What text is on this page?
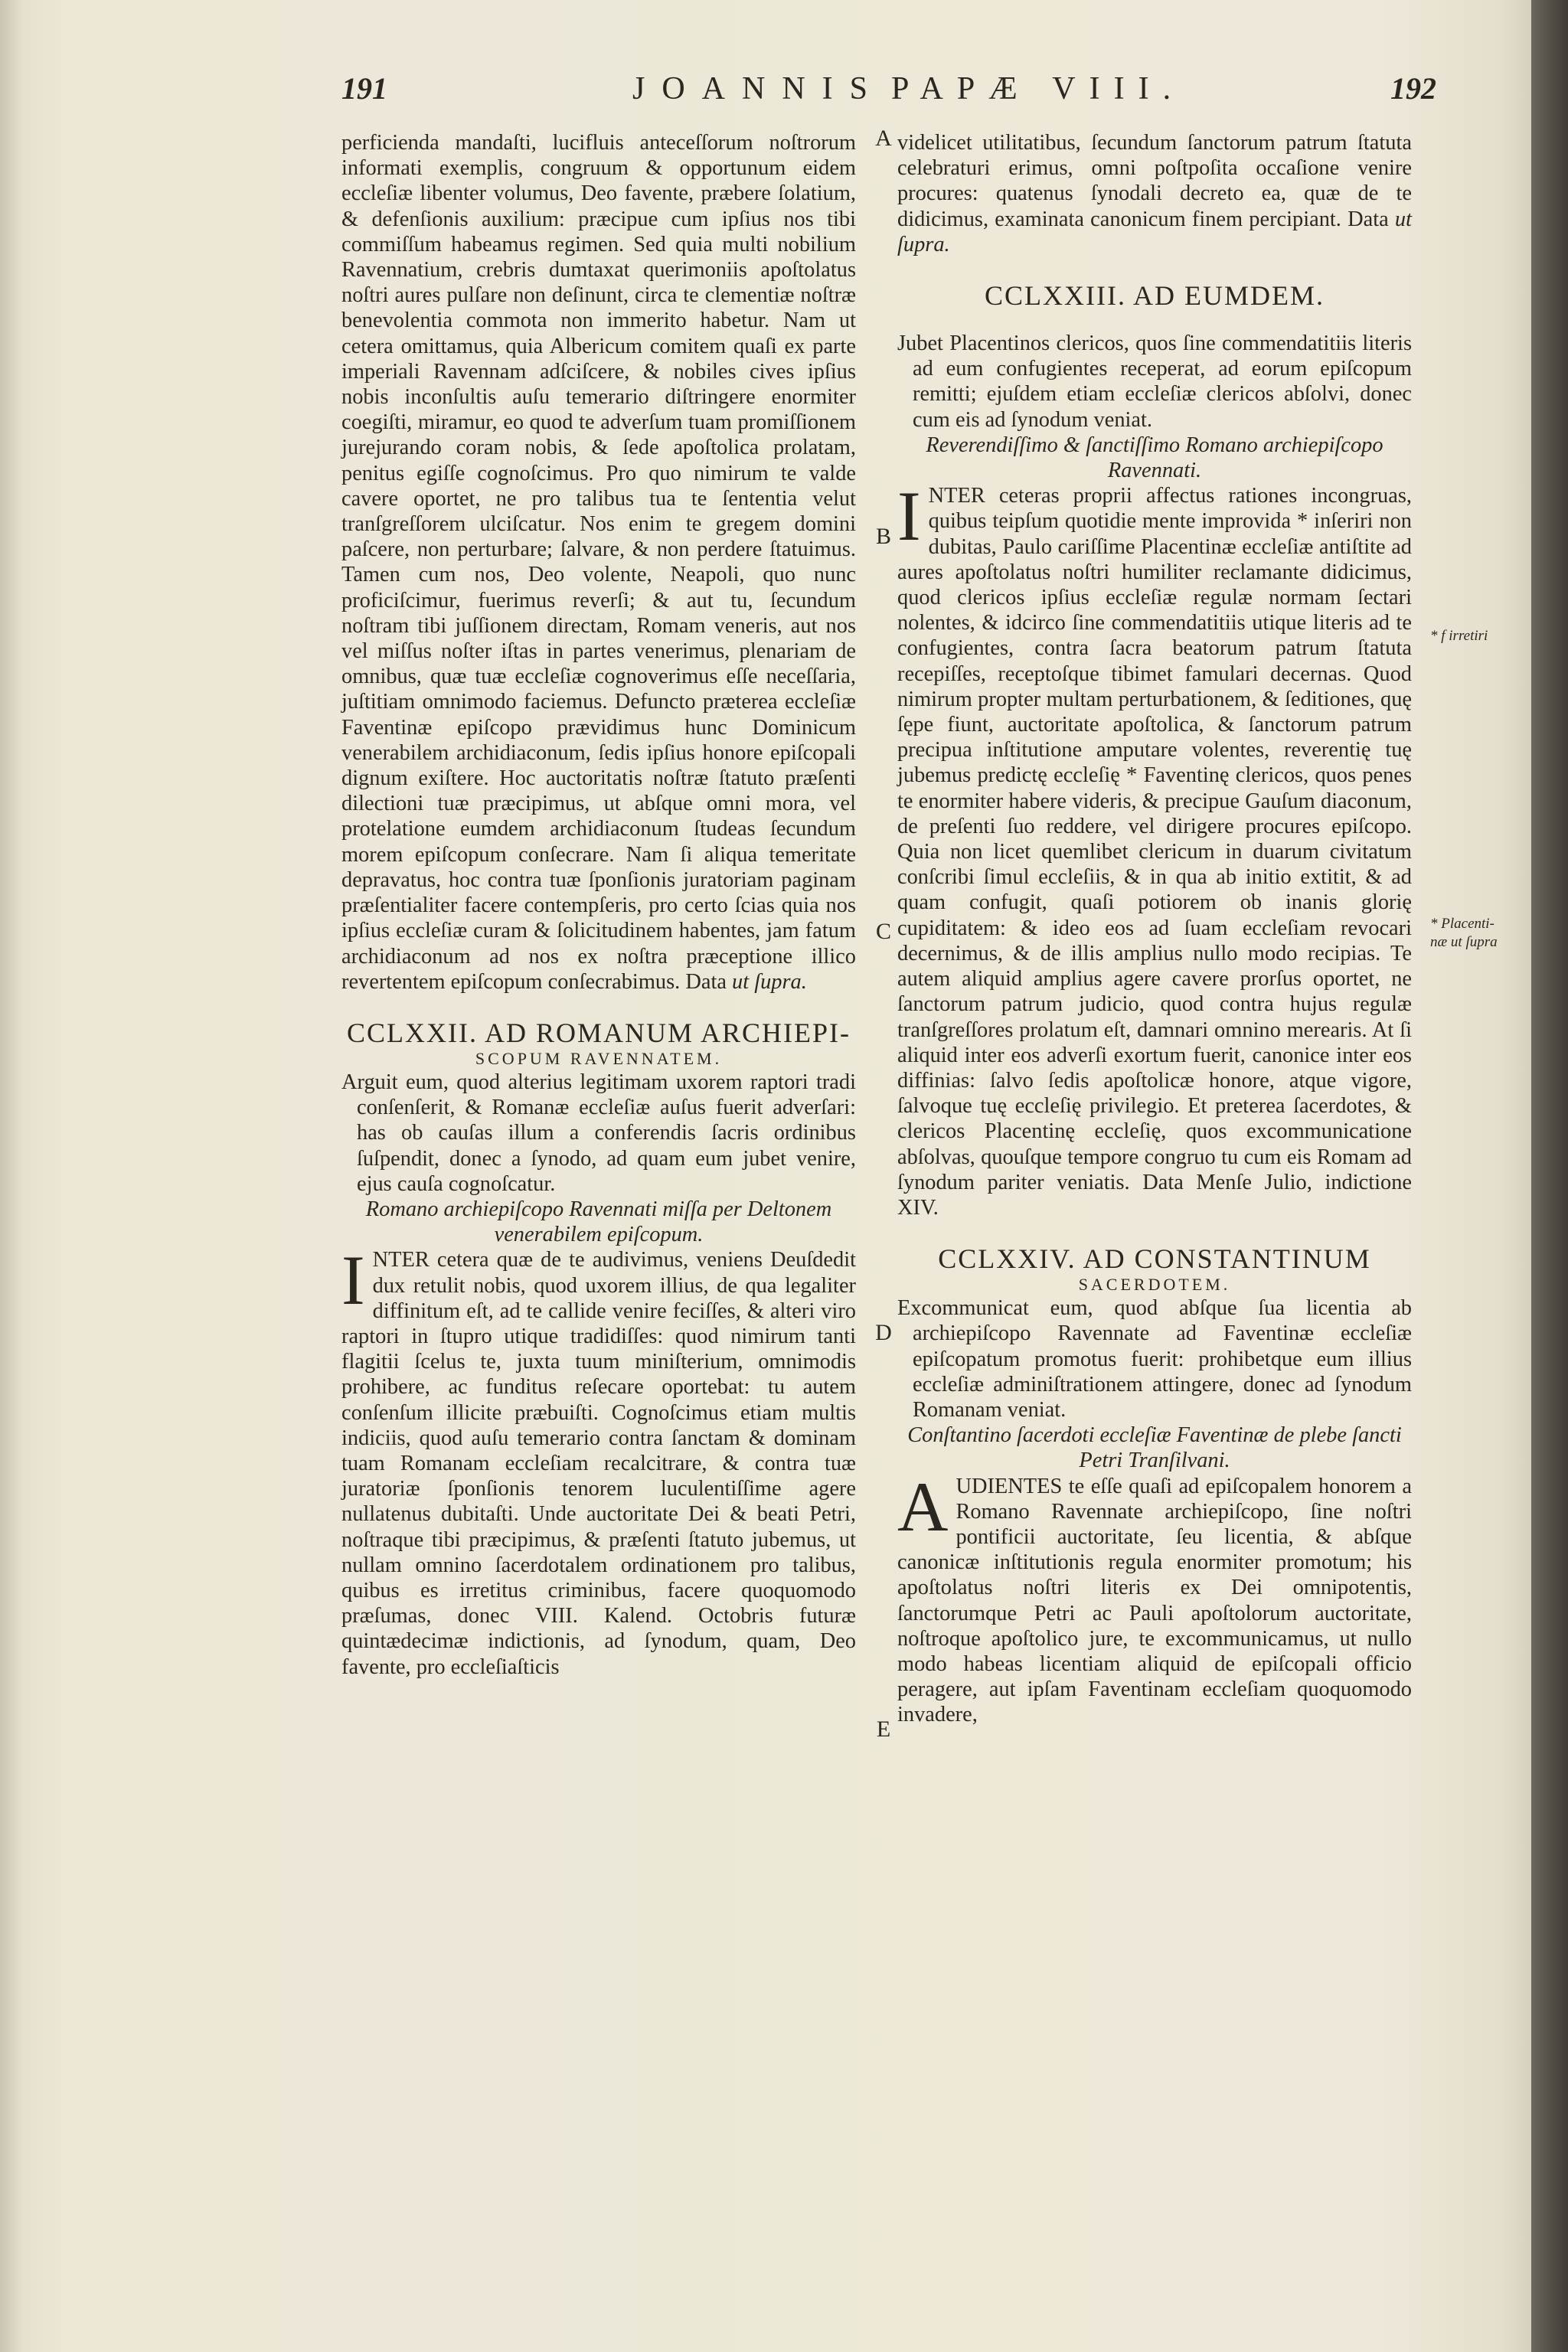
191	JOANNIS PAPÆ VIII.	192

perficienda mandaſti, lucifluis anteceſſorum noſtrorum informati exemplis, congruum & opportunum eidem eccleſiæ libenter volumus, Deo favente, præbere ſolatium, & defenſionis auxilium: præcipue cum ipſius nos tibi commiſſum habeamus regimen. Sed quia multi nobilium Ravennatium, crebris dumtaxat querimoniis apoſtolatus noſtri aures pulſare non deſinunt, circa te clementiæ noſtræ benevolentia commota non immerito habetur. Nam ut cetera omittamus, quia Albericum comitem quaſi ex parte imperiali Ravennam adſciſcere, & nobiles cives ipſius nobis inconſultis auſu temerario diſtringere enormiter coegiſti, miramur, eo quod te adverſum tuam promiſſionem jurejurando coram nobis, & ſede apoſtolica prolatam, penitus egiſſe cognoſcimus. Pro quo nimirum te valde cavere oportet, ne pro talibus tua te ſententia velut tranſgreſſorem ulciſcatur. Nos enim te gregem domini paſcere, non perturbare; ſalvare, & non perdere ſtatuimus. Tamen cum nos, Deo volente, Neapoli, quo nunc proficiſcimur, fuerimus reverſi; & aut tu, ſecundum noſtram tibi juſſionem directam, Romam veneris, aut nos vel miſſus noſter iſtas in partes venerimus, plenariam de omnibus, quæ tuæ eccleſiæ cognoverimus eſſe neceſſaria, juſtitiam omnimodo faciemus. Defuncto præterea eccleſiæ Faventinæ epiſcopo prævidimus hunc Dominicum venerabilem archidiaconum, ſedis ipſius honore epiſcopali dignum exiſtere. Hoc auctoritatis noſtræ ſtatuto præſenti dilectioni tuæ præcipimus, ut abſque omni mora, vel protelatione eumdem archidiaconum ſtudeas ſecundum morem epiſcopum conſecrare. Nam ſi aliqua temeritate depravatus, hoc contra tuæ ſponſionis juratoriam paginam præſentialiter facere contempſeris, pro certo ſcias quia nos ipſius eccleſiæ curam & ſolicitudinem habentes, jam fatum archidiaconum ad nos ex noſtra præceptione illico revertentem epiſcopum conſecrabimus. Data ut ſupra.

CCLXXII. AD ROMANUM ARCHIEPI-

SCOPUM RAVENNATEM.

Arguit eum, quod alterius legitimam uxorem raptori tradi conſenſerit, & Romanæ eccleſiæ auſus fuerit adverſari: has ob cauſas illum a conferendis ſacris ordinibus ſuſpendit, donec a ſynodo, ad quam eum jubet venire, ejus cauſa cognoſcatur.

Romano archiepiſcopo Ravennati miſſa per Deltonem venerabilem epiſcopum.

INTER cetera quæ de te audivimus, veniens Deuſdedit dux retulit nobis, quod uxorem illius, de qua legaliter diffinitum eſt, ad te callide venire feciſſes, & alteri viro raptori in ſtupro utique tradidiſſes: quod nimirum tanti flagitii ſcelus te, juxta tuum miniſterium, omnimodis prohibere, ac funditus reſecare oportebat: tu autem conſenſum illicite præbuiſti. Cognoſcimus etiam multis indiciis, quod auſu temerario contra ſanctam & dominam tuam Romanam eccleſiam recalcitrare, & contra tuæ juratoriæ ſponſionis tenorem luculentiſſime agere nullatenus dubitaſti. Unde auctoritate Dei & beati Petri, noſtraque tibi præcipimus, & præſenti ſtatuto jubemus, ut nullam omnino ſacerdotalem ordinationem pro talibus, quibus es irretitus criminibus, facere quoquomodo præſumas, donec VIII. Kalend. Octobris futuræ quintædecimæ indictionis, ad ſynodum, quam, Deo favente, pro eccleſiaſticis

videlicet utilitatibus, ſecundum ſanctorum patrum ſtatuta celebraturi erimus, omni poſtpoſita occaſione venire procures: quatenus ſynodali decreto ea, quæ de te didicimus, examinata canonicum finem percipiant. Data ut ſupra.

CCLXXIII. AD EUMDEM.

Jubet Placentinos clericos, quos ſine commendatitiis literis ad eum confugientes receperat, ad eorum epiſcopum remitti; ejuſdem etiam eccleſiæ clericos abſolvi, donec cum eis ad ſynodum veniat.

Reverendiſſimo & ſanctiſſimo Romano archiepiſcopo Ravennati.

INTER ceteras proprii affectus rationes incongruas, quibus teipſum quotidie mente improvida * inſeriri non dubitas, Paulo cariſſime Placentinæ eccleſiæ antiſtite ad aures apoſtolatus noſtri humiliter reclamante didicimus, quod clericos ipſius eccleſiæ regulæ normam ſectari nolentes, & idcirco ſine commendatitiis utique literis ad te confugientes, contra ſacra beatorum patrum ſtatuta recepiſſes, receptoſque tibimet famulari decernas. Quod nimirum propter multam perturbationem, & ſeditiones, quę ſępe fiunt, auctoritate apoſtolica, & ſanctorum patrum precipua inſtitutione amputare volentes, reverentię tuę jubemus predictę eccleſię * Faventinę clericos, quos penes te enormiter habere videris, & precipue Gauſum diaconum, de preſenti ſuo reddere, vel dirigere procures epiſcopo. Quia non licet quemlibet clericum in duarum civitatum conſcribi ſimul eccleſiis, & in qua ab initio extitit, & ad quam confugit, quaſi potiorem ob inanis glorię cupiditatem: & ideo eos ad ſuam eccleſiam revocari decernimus, & de illis amplius nullo modo recipias. Te autem aliquid amplius agere cavere prorſus oportet, ne ſanctorum patrum judicio, quod contra hujus regulæ tranſgreſſores prolatum eſt, damnari omnino merearis. At ſi aliquid inter eos adverſi exortum fuerit, canonice inter eos diffinias: ſalvo ſedis apoſtolicæ honore, atque vigore, ſalvoque tuę eccleſię privilegio. Et preterea ſacerdotes, & clericos Placentinę eccleſię, quos excommunicatione abſolvas, quouſque tempore congruo tu cum eis Romam ad ſynodum pariter veniatis. Data Menſe Julio, indictione XIV.

CCLXXIV. AD CONSTANTINUM

SACERDOTEM.

Excommunicat eum, quod abſque ſua licentia ab archiepiſcopo Ravennate ad Faventinæ eccleſiæ epiſcopatum promotus fuerit: prohibetque eum illius eccleſiæ adminiſtrationem attingere, donec ad ſynodum Romanam veniat.

Conſtantino ſacerdoti eccleſiæ Faventinæ de plebe ſancti Petri Tranſilvani.

AUDIENTES te eſſe quaſi ad epiſcopalem honorem a Romano Ravennate archiepiſcopo, ſine noſtri pontificii auctoritate, ſeu licentia, & abſque canonicæ inſtitutionis regula enormiter promotum; his apoſtolatus noſtri literis ex Dei omnipotentis, ſanctorumque Petri ac Pauli apoſtolorum auctoritate, noſtroque apoſtolico jure, te excommunicamus, ut nullo modo habeas licentiam aliquid de epiſcopali officio peragere, aut ipſam Faventinam eccleſiam quoquomodo invadere,

A
B
C
D
E
* f irretiri
* Placenti-
næ ut ſupra
